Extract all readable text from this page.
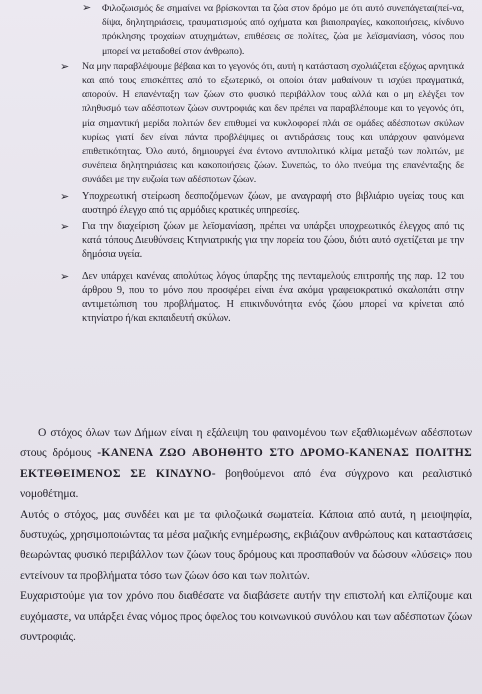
➢ Φιλοζωισμός δε σημαίνει να βρίσκονται τα ζώα στον δρόμο με ότι αυτό συνεπάγεται(πεί-να, δίψα, δηλητηριάσεις, τραυματισμούς από οχήματα και βιαιοπραγίες, κακοποιήσεις, κίνδυνο πρόκλησης τροχαίων ατυχημάτων, επιθέσεις σε πολίτες, ζώα με λεϊσμανίαση, νόσος που μπορεί να μεταδοθεί στον άνθρωπο).

➢ Να μην παραβλέψουμε βέβαια και το γεγονός ότι, αυτή η κατάσταση σχολιάζεται εξόχως αρνητικά και από τους επισκέπτες από το εξωτερικό, οι οποίοι όταν μαθαίνουν τι ισχύει πραγματικά, απορούν. Η επανένταξη των ζώων στο φυσικό περιβάλλον τους αλλά και ο μη ελέγξει τον πληθυσμό των αδέσποτων ζώων συντροφιάς και δεν πρέπει να παραβλέπουμε και το γεγονός ότι, μία σημαντική μερίδα πολιτών δεν επιθυμεί να κυκλοφορεί πλάι σε ομάδες αδέσποτων σκύλων κυρίως γιατί δεν είναι πάντα προβλέψιμες οι αντιδράσεις τους και υπάρχουν φαινόμενα επιθετικότητας. Όλο αυτό, δημιουργεί ένα έντονο αντιπολιτικό κλίμα μεταξύ των πολιτών, με συνέπεια δηλητηριάσεις και κακοποιήσεις ζώων. Συνεπώς, το όλο πνεύμα της επανένταξης δε συνάδει με την ευζωία των αδέσποτων ζώων.

➢ Υποχρεωτική στείρωση δεσποζόμενων ζώων, με αναγραφή στο βιβλιάριο υγείας τους και αυστηρό έλεγχο από τις αρμόδιες κρατικές υπηρεσίες.

➢ Για την διαχείριση ζώων με λεϊσμανίαση, πρέπει να υπάρξει υποχρεωτικός έλεγχος από τις κατά τόπους Διευθύνσεις Κτηνιατρικής για την πορεία του ζώου, διότι αυτό σχετίζεται με την δημόσια υγεία.

➢ Δεν υπάρχει κανένας απολύτως λόγος ύπαρξης της πενταμελούς επιτροπής της παρ. 12 του άρθρου 9, που το μόνο που προσφέρει είναι ένα ακόμα γραφειοκρατικό σκαλοπάτι στην αντιμετώπιση του προβλήματος. Η επικινδυνότητα ενός ζώου μπορεί να κρίνεται από κτηνίατρο ή/και εκπαιδευτή σκύλων.

Ο στόχος όλων των Δήμων είναι η εξάλειψη του φαινομένου των εξαθλιωμένων αδέσποτων στους δρόμους -ΚΑΝΕΝΑ ΖΩΟ ΑΒΟΗΘΗΤΟ ΣΤΟ ΔΡΟΜΟ-ΚΑΝΕΝΑΣ ΠΟΛΙΤΗΣ ΕΚΤΕΘΕΙΜΕΝΟΣ ΣΕ ΚΙΝΔΥΝΟ- βοηθούμενοι από ένα σύγχρονο και ρεαλιστικό νομοθέτημα.

Αυτός ο στόχος, μας συνδέει και με τα φιλοζωικά σωματεία. Κάποια από αυτά, η μειοψηφία, δυστυχώς, χρησιμοποιώντας τα μέσα μαζικής ενημέρωσης, εκβιάζουν ανθρώπους και καταστάσεις θεωρώντας φυσικό περιβάλλον των ζώων τους δρόμους και προσπαθούν να δώσουν «λύσεις» που εντείνουν τα προβλήματα τόσο των ζώων όσο και των πολιτών.

Ευχαριστούμε για τον χρόνο που διαθέσατε να διαβάσετε αυτήν την επιστολή και ελπίζουμε και ευχόμαστε, να υπάρξει ένας νόμος προς όφελος του κοινωνικού συνόλου και των αδέσποτων ζώων συντροφιάς.
